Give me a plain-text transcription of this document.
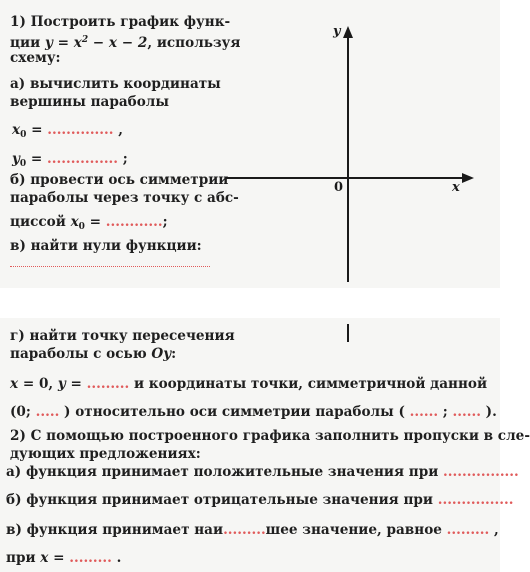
1) Построить график функ-
ции $y = x^2 - x - 2$, используя
схему:
а) вычислить координаты
вершины параболы
$x_0$ = .............. ,
$y_0$ = ............... ;
б) провести ось симметрии
параболы через точку с абс-
циссой $x_0$ = ............;
в) найти нули функции:
y
x
0
г) найти точку пересечения
параболы с осью Oy:
x = 0, y = ......... и координаты точки, симметричной данной
(0; ..... ) относительно оси симметрии параболы ( ...... ; ...... ).
2) С помощью построенного графика заполнить пропуски в сле-
дующих предложениях:
а) функция принимает положительные значения при ................
б) функция принимает отрицательные значения при ................
в) функция принимает наи.........шее значение, равное ......... ,
при x = ......... .
